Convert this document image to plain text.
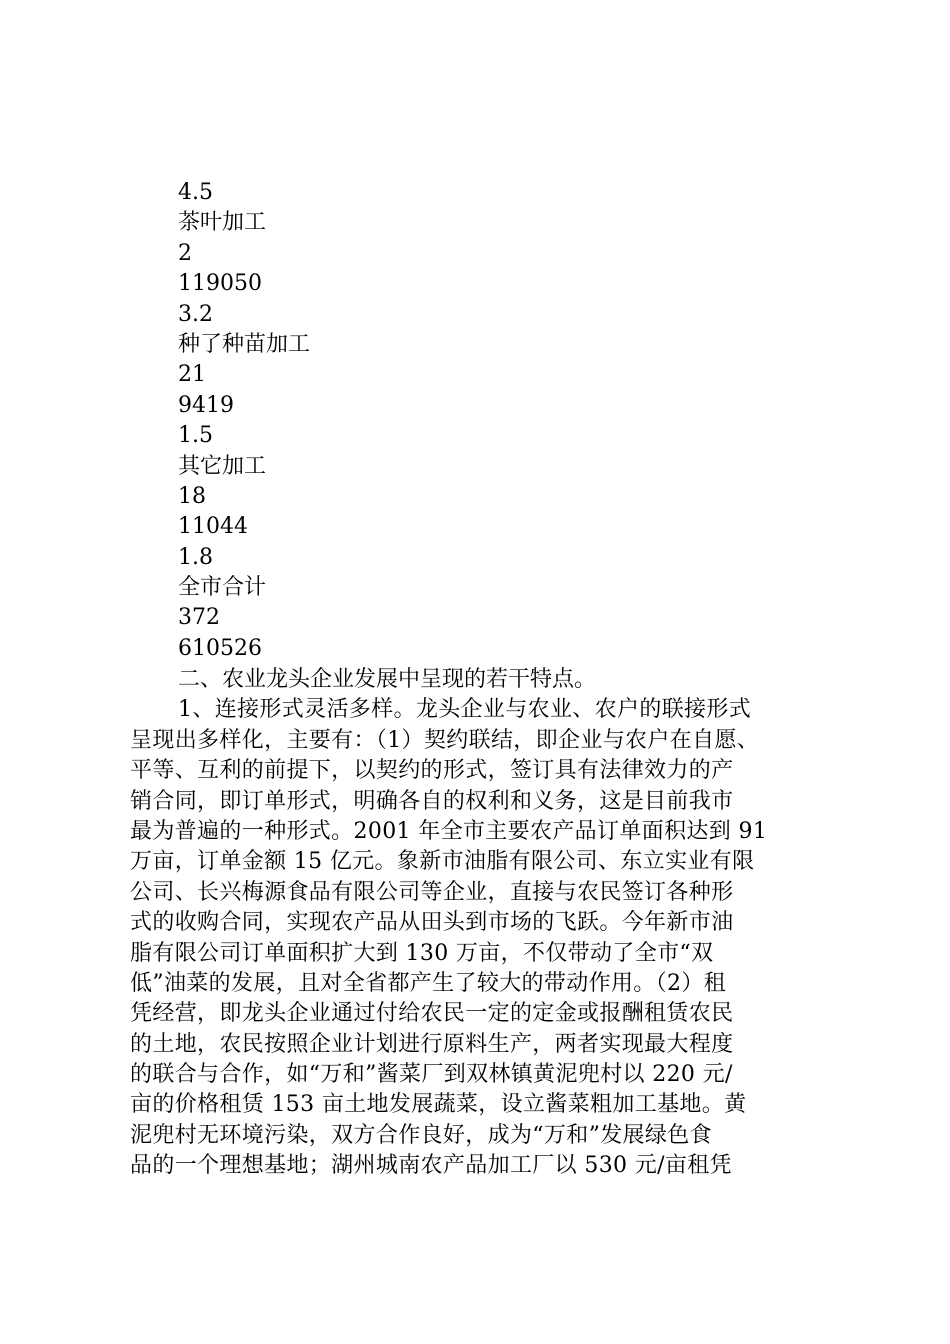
4.5
茶叶加工
2
119050
3.2
种了种苗加工
21
9419
1.5
其它加工
18
11044
1.8
全市合计
372
610526
二、农业龙头企业发展中呈现的若干特点。
1、连接形式灵活多样。龙头企业与农业、农户的联接形式
呈现出多样化，主要有：（1）契约联结，即企业与农户在自愿、
平等、互利的前提下，以契约的形式，签订具有法律效力的产
销合同，即订单形式，明确各自的权利和义务，这是目前我市
最为普遍的一种形式。2001 年全市主要农产品订单面积达到 91
万亩，订单金额 15 亿元。象新市油脂有限公司、东立实业有限
公司、长兴梅源食品有限公司等企业，直接与农民签订各种形
式的收购合同，实现农产品从田头到市场的飞跃。今年新市油
脂有限公司订单面积扩大到 130 万亩，不仅带动了全市“双
低”油菜的发展，且对全省都产生了较大的带动作用。（2）租
凭经营，即龙头企业通过付给农民一定的定金或报酬租赁农民
的土地，农民按照企业计划进行原料生产，两者实现最大程度
的联合与合作，如“万和”酱菜厂到双林镇黄泥兜村以 220 元/
亩的价格租赁 153 亩土地发展蔬菜，设立酱菜粗加工基地。黄
泥兜村无环境污染，双方合作良好，成为“万和”发展绿色食
品的一个理想基地；湖州城南农产品加工厂以 530 元/亩租凭
